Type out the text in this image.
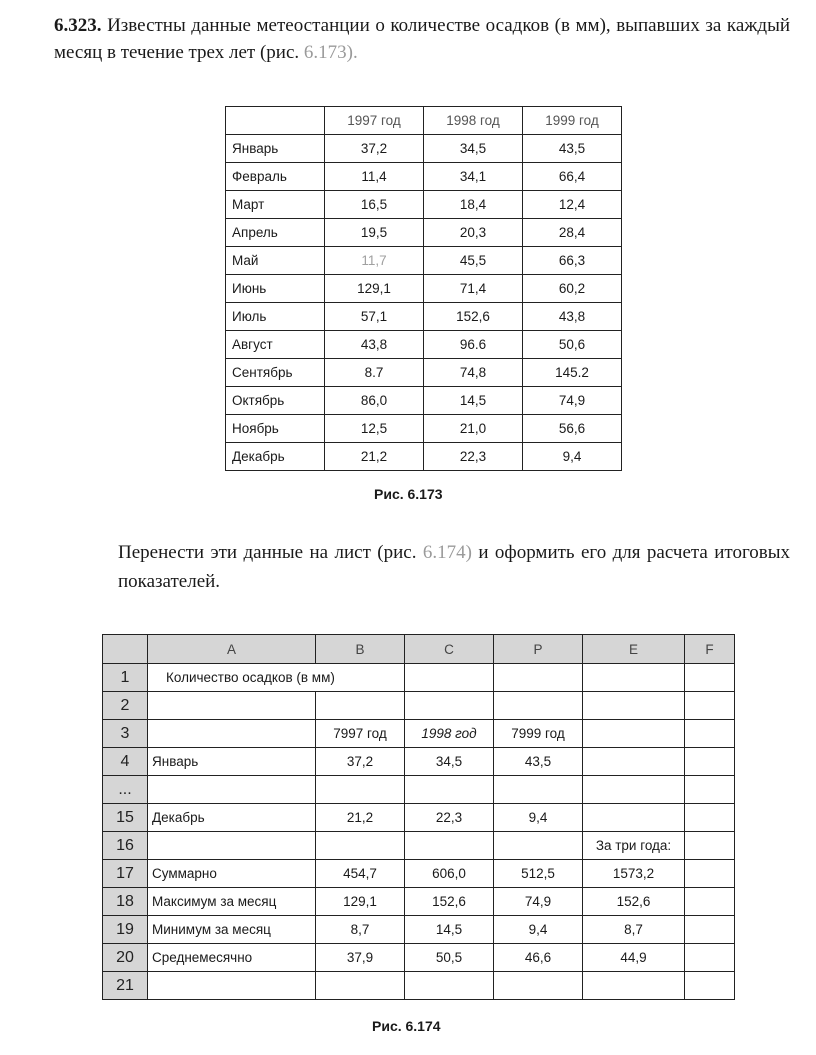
6.323. Известны данные метеостанции о количестве осадков (в мм), выпавших за каждый месяц в течение трех лет (рис. 6.173).
	1997 год	1998 год	1999 год
Январь	37,2	34,5	43,5
Февраль	11,4	34,1	66,4
Март	16,5	18,4	12,4
Апрель	19,5	20,3	28,4
Май	11,7	45,5	66,3
Июнь	129,1	71,4	60,2
Июль	57,1	152,6	43,8
Август	43,8	96.6	50,6
Сентябрь	8.7	74,8	145.2
Октябрь	86,0	14,5	74,9
Ноябрь	12,5	21,0	56,6
Декабрь	21,2	22,3	9,4
Рис. 6.173
Перенести эти данные на лист (рис. 6.174) и оформить его для расчета итоговых показателей.
	A	B	C	P	E	F
1	Количество осадков (в мм)					
2						
3		7997 год	1998 год	7999 год		
4	Январь	37,2	34,5	43,5		
...						
15	Декабрь	21,2	22,3	9,4		
16					За три года:	
17	Суммарно	454,7	606,0	512,5	1573,2	
18	Максимум за месяц	129,1	152,6	74,9	152,6	
19	Минимум за месяц	8,7	14,5	9,4	8,7	
20	Среднемесячно	37,9	50,5	46,6	44,9	
21						
Рис. 6.174
